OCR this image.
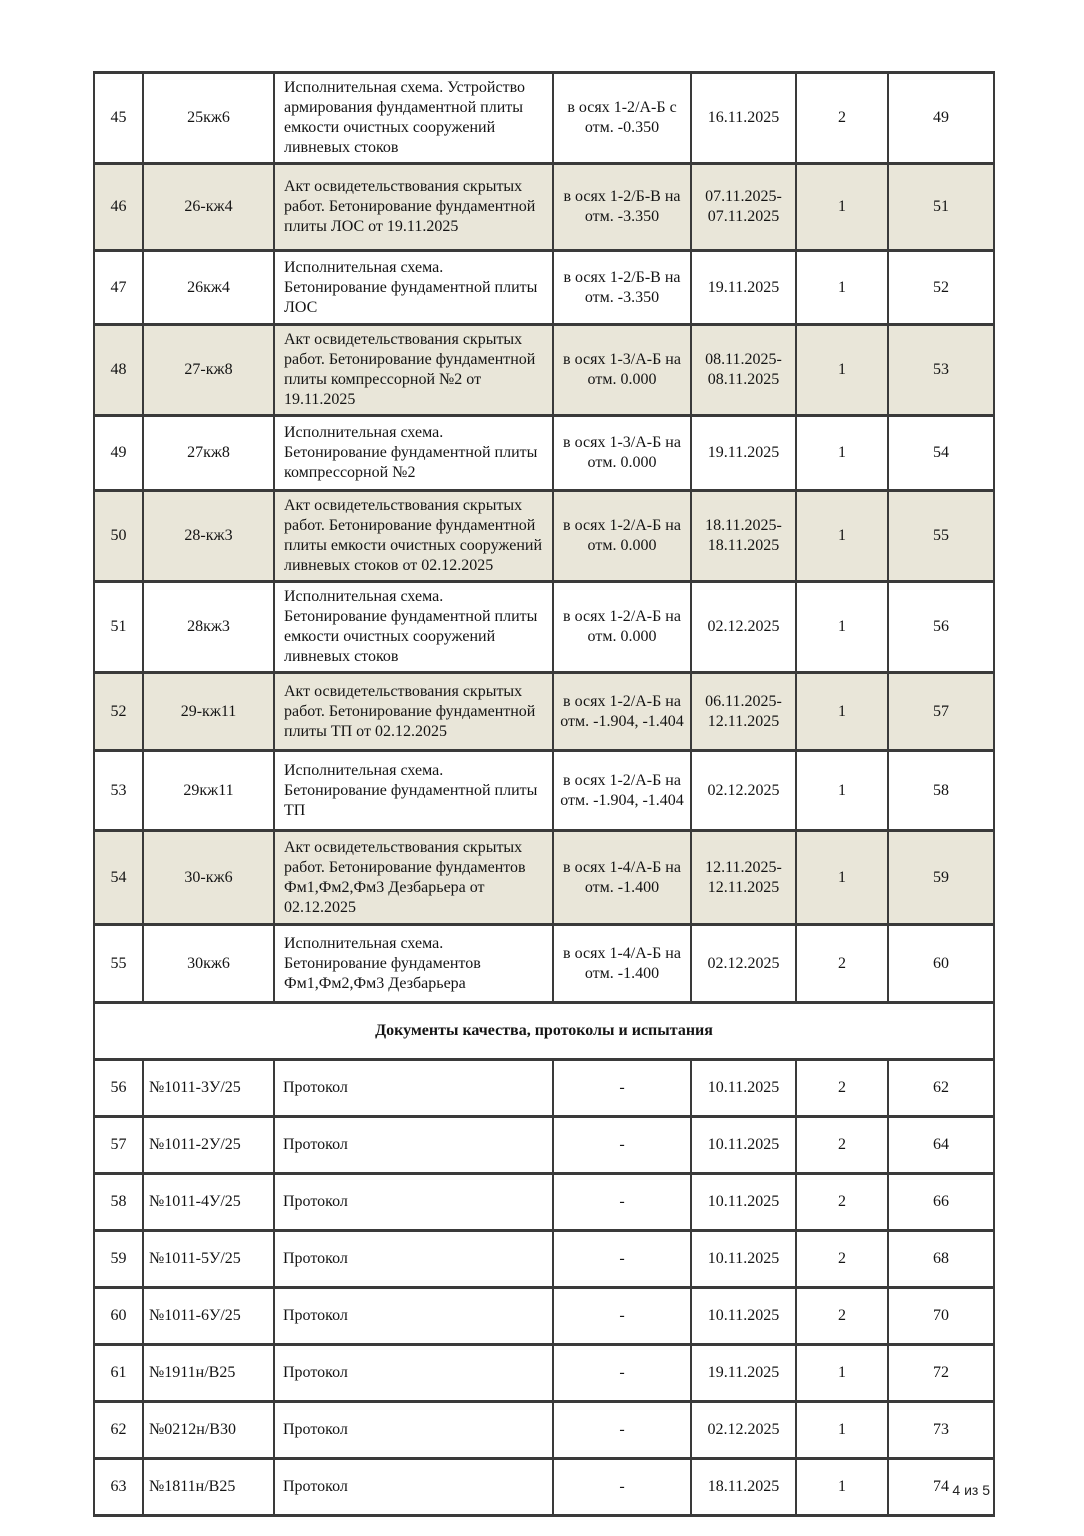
45	25кж6	Исполнительная схема. Устройство армирования фундаментной плиты емкости очистных сооружений ливневых стоков	в осях 1-2/А-Б с отм. -0.350	16.11.2025	2	49
46	26-кж4	Акт освидетельствования скрытых работ. Бетонирование фундаментной плиты ЛОС от 19.11.2025	в осях 1-2/Б-В на отм. -3.350	07.11.2025-07.11.2025	1	51
47	26кж4	Исполнительная схема. Бетонирование фундаментной плиты ЛОС	в осях 1-2/Б-В на отм. -3.350	19.11.2025	1	52
48	27-кж8	Акт освидетельствования скрытых работ. Бетонирование фундаментной плиты компрессорной №2 от 19.11.2025	в осях 1-3/А-Б на отм. 0.000	08.11.2025-08.11.2025	1	53
49	27кж8	Исполнительная схема. Бетонирование фундаментной плиты компрессорной №2	в осях 1-3/А-Б на отм. 0.000	19.11.2025	1	54
50	28-кж3	Акт освидетельствования скрытых работ. Бетонирование фундаментной плиты емкости очистных сооружений ливневых стоков от 02.12.2025	в осях 1-2/А-Б на отм. 0.000	18.11.2025-18.11.2025	1	55
51	28кж3	Исполнительная схема. Бетонирование фундаментной плиты емкости очистных сооружений ливневых стоков	в осях 1-2/А-Б на отм. 0.000	02.12.2025	1	56
52	29-кж11	Акт освидетельствования скрытых работ. Бетонирование фундаментной плиты ТП от 02.12.2025	в осях 1-2/А-Б на отм. -1.904, -1.404	06.11.2025-12.11.2025	1	57
53	29кж11	Исполнительная схема. Бетонирование фундаментной плиты ТП	в осях 1-2/А-Б на отм. -1.904, -1.404	02.12.2025	1	58
54	30-кж6	Акт освидетельствования скрытых работ. Бетонирование фундаментов Фм1,Фм2,Фм3 Дезбарьера от 02.12.2025	в осях 1-4/А-Б на отм. -1.400	12.11.2025-12.11.2025	1	59
55	30кж6	Исполнительная схема. Бетонирование фундаментов Фм1,Фм2,Фм3 Дезбарьера	в осях 1-4/А-Б на отм. -1.400	02.12.2025	2	60
Документы качества, протоколы и испытания						
56	№1011-3У/25	Протокол	-	10.11.2025	2	62
57	№1011-2У/25	Протокол	-	10.11.2025	2	64
58	№1011-4У/25	Протокол	-	10.11.2025	2	66
59	№1011-5У/25	Протокол	-	10.11.2025	2	68
60	№1011-6У/25	Протокол	-	10.11.2025	2	70
61	№1911н/В25	Протокол	-	19.11.2025	1	72
62	№0212н/В30	Протокол	-	02.12.2025	1	73
63	№1811н/В25	Протокол	-	18.11.2025	1	74 4 из 5
